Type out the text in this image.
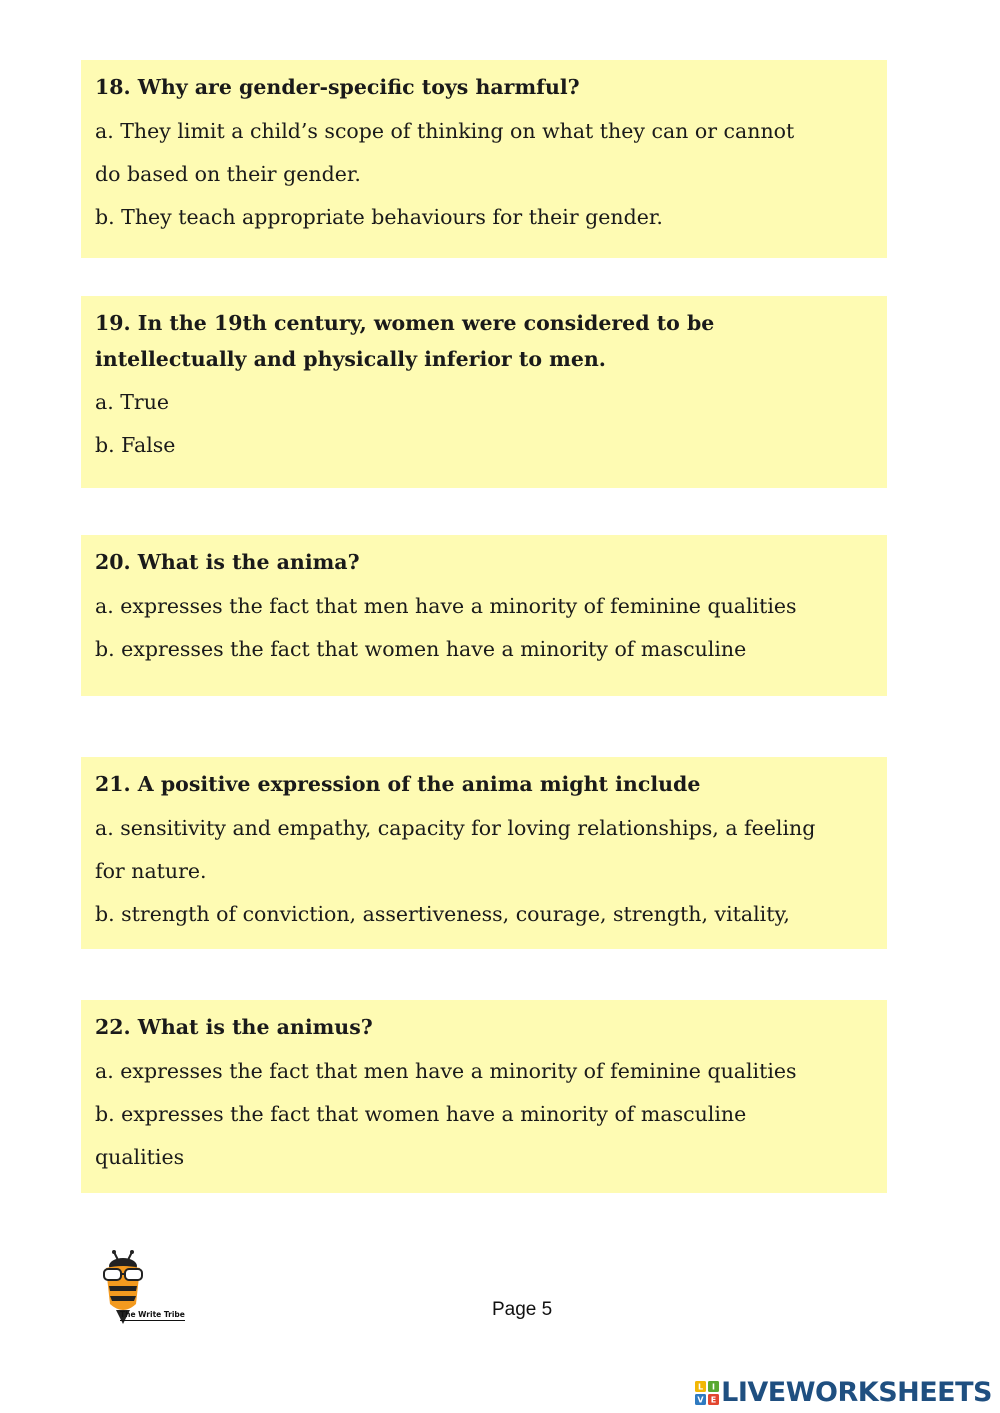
18. Why are gender-specific toys harmful?

a. They limit a child’s scope of thinking on what they can or cannot

do based on their gender.

b. They teach appropriate behaviours for their gender.

19. In the 19th century, women were considered to be

intellectually and physically inferior to men.

a. True

b. False

20. What is the anima?

a. expresses the fact that men have a minority of feminine qualities

b. expresses the fact that women have a minority of masculine

21. A positive expression of the anima might include

a. sensitivity and empathy, capacity for loving relationships, a feeling

for nature.

b. strength of conviction, assertiveness, courage, strength, vitality,

22. What is the animus?

a. expresses the fact that men have a minority of feminine qualities

b. expresses the fact that women have a minority of masculine

qualities

The Write Tribe	Page 5
L I
V E LIVEWORKSHEETS
